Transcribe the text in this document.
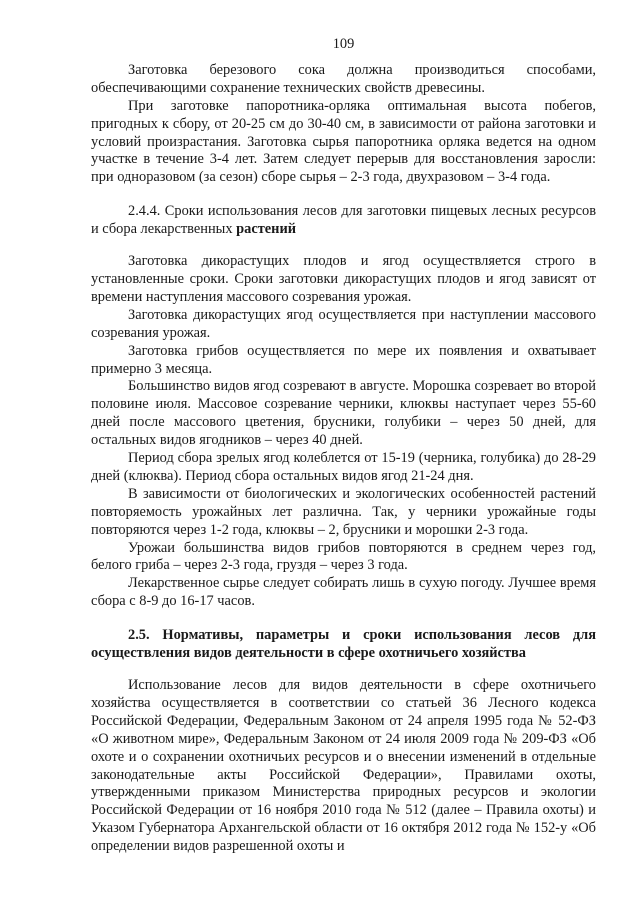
109

Заготовка березового сока должна производиться способами, обеспечивающими сохранение технических свойств древесины.

При заготовке папоротника-орляка оптимальная высота побегов, пригодных к сбору, от 20-25 см до 30-40 см, в зависимости от района заготовки и условий произрастания. Заготовка сырья папоротника орляка ведется на одном участке в течение 3-4 лет. Затем следует перерыв для восстановления заросли: при одноразовом (за сезон) сборе сырья – 2-3 года, двухразовом – 3-4 года.

2.4.4. Сроки использования лесов для заготовки пищевых лесных ресурсов и сбора лекарственных растений

Заготовка дикорастущих плодов и ягод осуществляется строго в установленные сроки. Сроки заготовки дикорастущих плодов и ягод зависят от времени наступления массового созревания урожая.

Заготовка дикорастущих ягод осуществляется при наступлении массового созревания урожая.

Заготовка грибов осуществляется по мере их появления и охватывает примерно 3 месяца.

Большинство видов ягод созревают в августе. Морошка созревает во второй половине июля. Массовое созревание черники, клюквы наступает через 55-60 дней после массового цветения, брусники, голубики – через 50 дней, для остальных видов ягодников – через 40 дней.

Период сбора зрелых ягод колеблется от 15-19 (черника, голубика) до 28-29 дней (клюква). Период сбора остальных видов ягод 21-24 дня.

В зависимости от биологических и экологических особенностей растений повторяемость урожайных лет различна. Так, у черники урожайные годы повторяются через 1-2 года, клюквы – 2, брусники и морошки 2-3 года.

Урожаи большинства видов грибов повторяются в среднем через год, белого гриба – через 2-3 года, груздя – через 3 года.

Лекарственное сырье следует собирать лишь в сухую погоду. Лучшее время сбора с 8-9 до 16-17 часов.

2.5. Нормативы, параметры и сроки использования лесов для осуществления видов деятельности в сфере охотничьего хозяйства

Использование лесов для видов деятельности в сфере охотничьего хозяйства осуществляется в соответствии со статьей 36 Лесного кодекса Российской Федерации, Федеральным Законом от 24 апреля 1995 года № 52-ФЗ «О животном мире», Федеральным Законом от 24 июля 2009 года № 209-ФЗ «Об охоте и о сохранении охотничьих ресурсов и о внесении изменений в отдельные законодательные акты Российской Федерации», Правилами охоты, утвержденными приказом Министерства природных ресурсов и экологии Российской Федерации от 16 ноября 2010 года № 512 (далее – Правила охоты) и Указом Губернатора Архангельской области от 16 октября 2012 года № 152-у «Об определении видов разрешенной охоты и
